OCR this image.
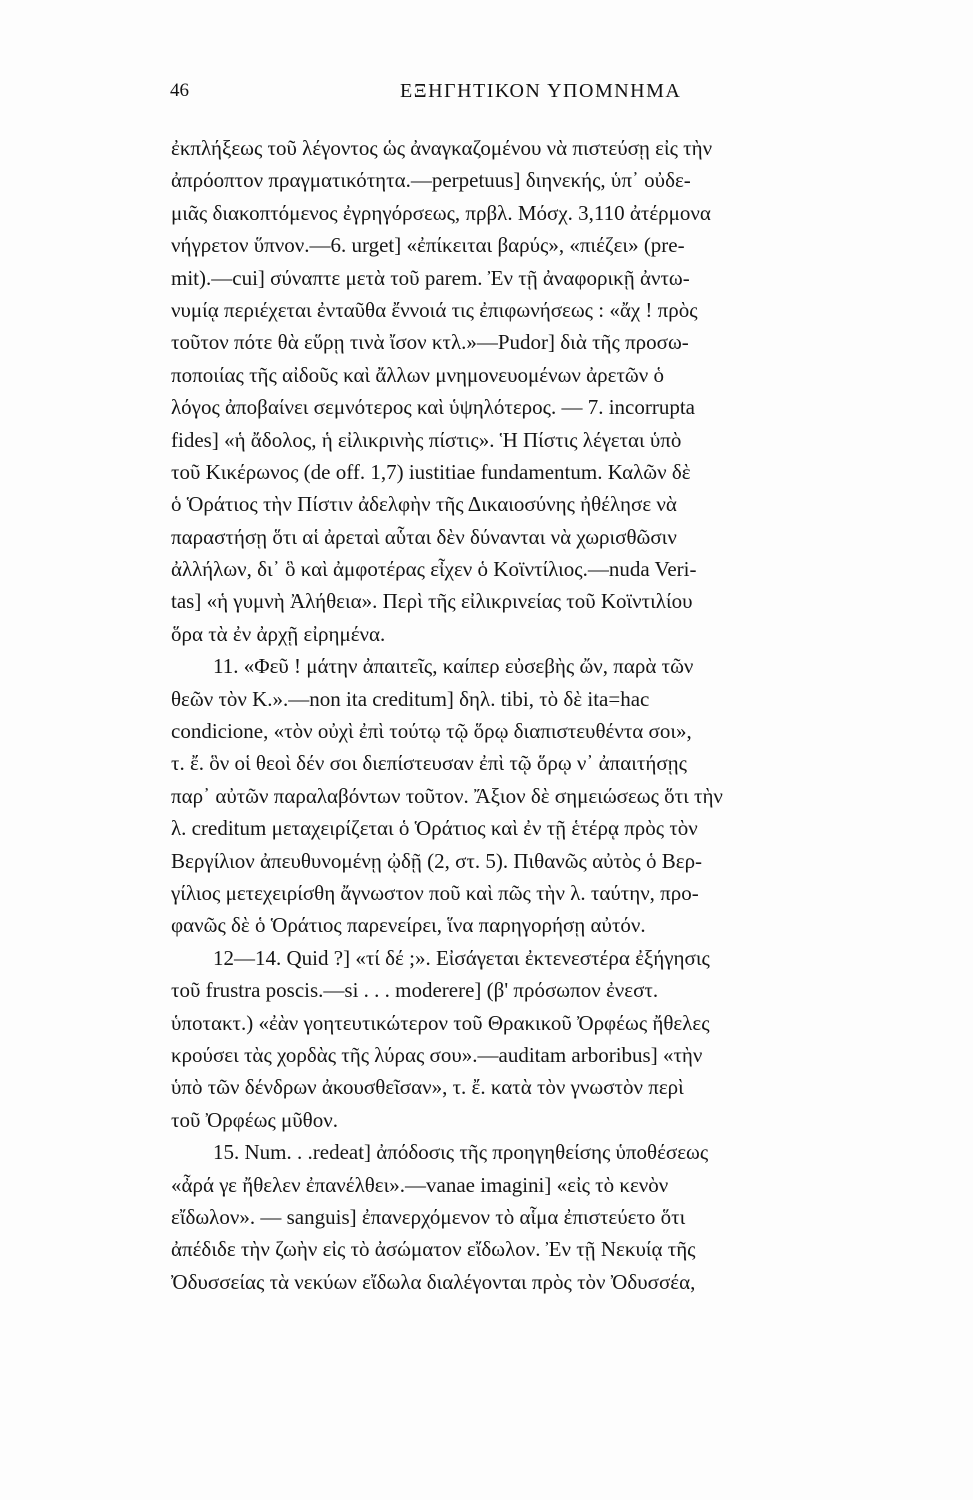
46	ΕΞΗΓΗΤΙΚΟΝ ΥΠΟΜΝΗΜΑ
ἐκπλήξεως τοῦ λέγοντος ὡς ἀναγκαζομένου νὰ πιστεύσῃ εἰς τὴν
ἀπρόοπτον πραγματικότητα.—perpetuus] διηνεκής, ὑπ᾽ οὐδε-
μιᾶς διακοπτόμενος ἐγρηγόρσεως, πρβλ. Μόσχ. 3,110 ἀτέρμονα
νήγρετον ὕπνον.—6. urget] «ἐπίκειται βαρύς», «πιέζει» (pre-
mit).—cui] σύναπτε μετὰ τοῦ parem. Ἐν τῇ ἀναφορικῇ ἀντω-
νυμίᾳ περιέχεται ἐνταῦθα ἔννοιά τις ἐπιφωνήσεως : «ἄχ ! πρὸς
τοῦτον πότε θὰ εὕρῃ τινὰ ἴσον κτλ.»—Pudor] διὰ τῆς προσω-
ποποιίας τῆς αἰδοῦς καὶ ἄλλων μνημονευομένων ἀρετῶν ὁ
λόγος ἀποβαίνει σεμνότερος καὶ ὑψηλότερος. — 7. incorrupta
fides] «ἡ ἄδολος, ἡ εἰλικρινὴς πίστις». Ἡ Πίστις λέγεται ὑπὸ
τοῦ Κικέρωνος (de off. 1,7) iustitiae fundamentum. Καλῶν δὲ
ὁ Ὁράτιος τὴν Πίστιν ἀδελφὴν τῆς Δικαιοσύνης ἠθέλησε νὰ
παραστήσῃ ὅτι αἱ ἀρεταὶ αὗται δὲν δύνανται νὰ χωρισθῶσιν
ἀλλήλων, δι᾽ ὃ καὶ ἀμφοτέρας εἶχεν ὁ Κοϊντίλιος.—nuda Veri-
tas] «ἡ γυμνὴ Ἀλήθεια». Περὶ τῆς εἰλικρινείας τοῦ Κοϊντιλίου
ὅρα τὰ ἐν ἀρχῇ εἰρημένα.
11. «Φεῦ ! μάτην ἀπαιτεῖς, καίπερ εὐσεβὴς ὤν, παρὰ τῶν
θεῶν τὸν Κ.».—non ita creditum] δηλ. tibi, τὸ δὲ ita=hac
condicione, «τὸν οὐχὶ ἐπὶ τούτῳ τῷ ὅρῳ διαπιστευθέντα σοι»,
τ. ἔ. ὃν οἱ θεοὶ δέν σοι διεπίστευσαν ἐπὶ τῷ ὅρῳ ν᾽ ἀπαιτήσῃς
παρ᾽ αὐτῶν παραλαβόντων τοῦτον. Ἄξιον δὲ σημειώσεως ὅτι τὴν
λ. creditum μεταχειρίζεται ὁ Ὁράτιος καὶ ἐν τῇ ἑτέρᾳ πρὸς τὸν
Βεργίλιον ἀπευθυνομένῃ ᾠδῇ (2, στ. 5). Πιθανῶς αὐτὸς ὁ Βερ-
γίλιος μετεχειρίσθη ἄγνωστον ποῦ καὶ πῶς τὴν λ. ταύτην, προ-
φανῶς δὲ ὁ Ὁράτιος παρενείρει, ἵνα παρηγορήσῃ αὐτόν.
12—14. Quid ?] «τί δέ ;». Εἰσάγεται ἐκτενεστέρα ἐξήγησις
τοῦ frustra poscis.—si . . . moderere] (β' πρόσωπον ἐνεστ.
ὑποτακτ.) «ἐὰν γοητευτικώτερον τοῦ Θρακικοῦ Ὀρφέως ἤθελες
κρούσει τὰς χορδὰς τῆς λύρας σου».—auditam arboribus] «τὴν
ὑπὸ τῶν δένδρων ἀκουσθεῖσαν», τ. ἔ. κατὰ τὸν γνωστὸν περὶ
τοῦ Ὀρφέως μῦθον.
15. Num. . .redeat] ἀπόδοσις τῆς προηγηθείσης ὑποθέσεως
«ἆρά γε ἤθελεν ἐπανέλθει».—vanae imagini] «εἰς τὸ κενὸν
εἴδωλον». — sanguis] ἐπανερχόμενον τὸ αἷμα ἐπιστεύετο ὅτι
ἀπέδιδε τὴν ζωὴν εἰς τὸ ἀσώματον εἴδωλον. Ἐν τῇ Νεκυίᾳ τῆς
Ὀδυσσείας τὰ νεκύων εἴδωλα διαλέγονται πρὸς τὸν Ὀδυσσέα,
